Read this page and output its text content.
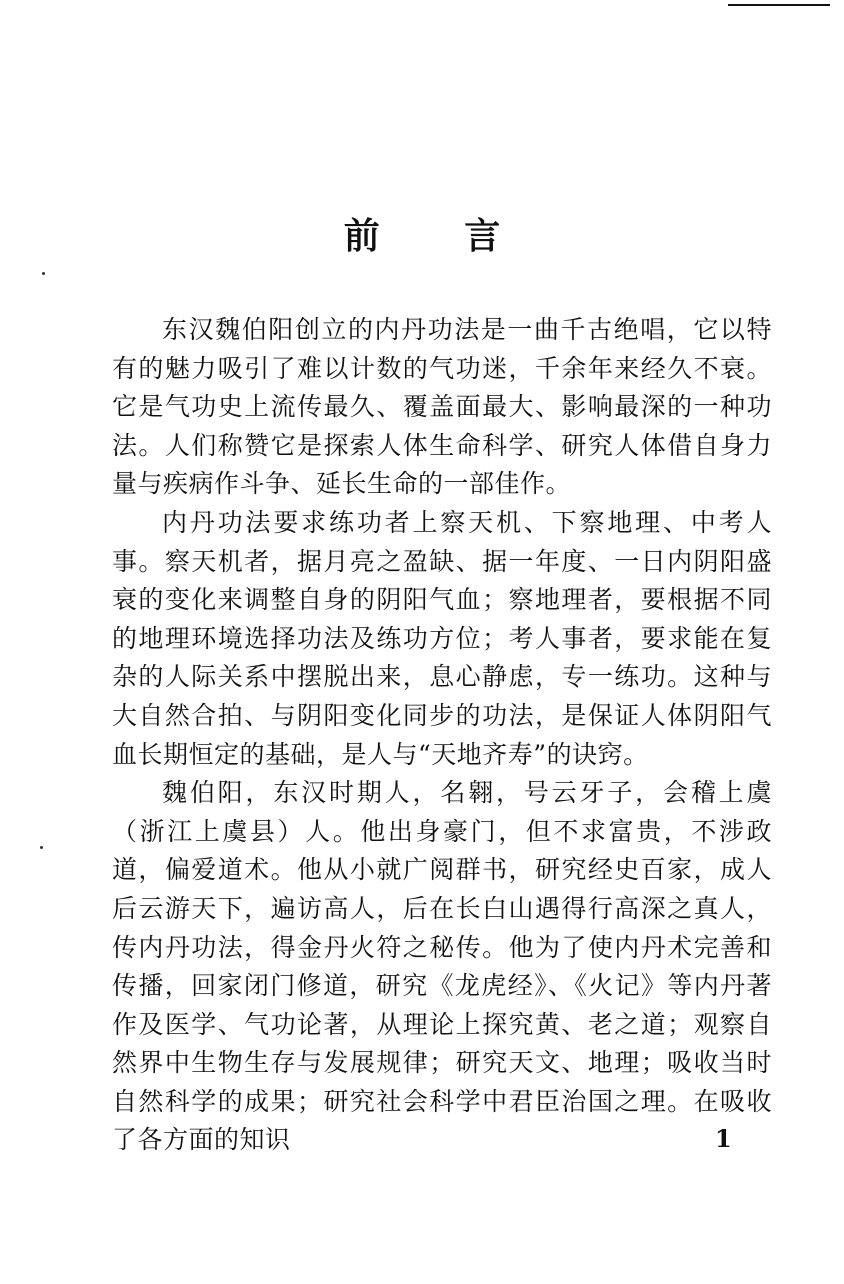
前 言

东汉魏伯阳创立的内丹功法是一曲千古绝唱，它以特有的魅力吸引了难以计数的气功迷，千余年来经久不衰。它是气功史上流传最久、覆盖面最大、影响最深的一种功法。人们称赞它是探索人体生命科学、研究人体借自身力量与疾病作斗争、延长生命的一部佳作。

内丹功法要求练功者上察天机、下察地理、中考人事。察天机者，据月亮之盈缺、据一年度、一日内阴阳盛衰的变化来调整自身的阴阳气血；察地理者，要根据不同的地理环境选择功法及练功方位；考人事者，要求能在复杂的人际关系中摆脱出来，息心静虑，专一练功。这种与大自然合拍、与阴阳变化同步的功法，是保证人体阴阳气血长期恒定的基础，是人与“天地齐寿”的诀窍。

魏伯阳，东汉时期人，名翱，号云牙子，会稽上虞（浙江上虞县）人。他出身豪门，但不求富贵，不涉政道，偏爱道术。他从小就广阅群书，研究经史百家，成人后云游天下，遍访高人，后在长白山遇得行高深之真人，传内丹功法，得金丹火符之秘传。他为了使内丹术完善和传播，回家闭门修道，研究《龙虎经》、《火记》等内丹著作及医学、气功论著，从理论上探究黄、老之道；观察自然界中生物生存与发展规律；研究天文、地理；吸收当时自然科学的成果；研究社会科学中君臣治国之理。在吸收了各方面的知识	1
